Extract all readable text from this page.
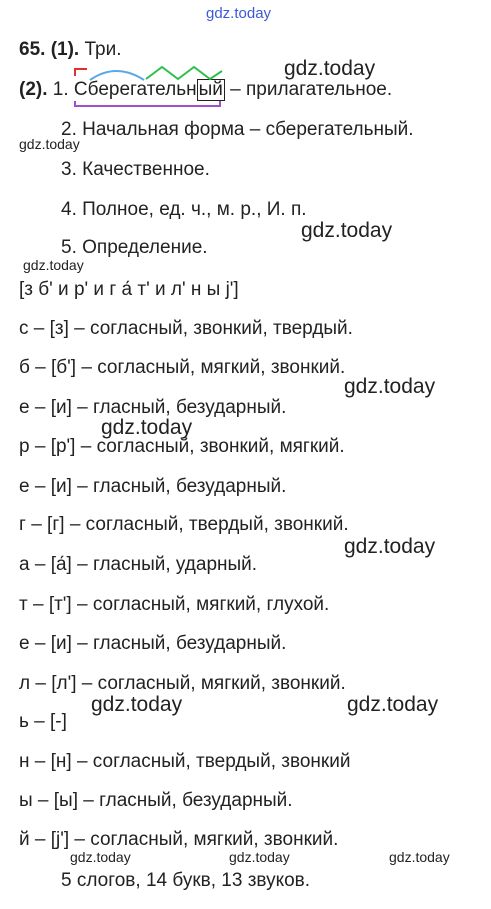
gdz.today
65. (1). Три.
(2). 1. Сберегательн ый – прилагательное.
2. Начальная форма – сберегательный.
3. Качественное.
4. Полное, ед. ч., м. р., И. п.
5. Определение.
[з б' и р' и г а́ т' и л' н ы j']
с – [з] – согласный, звонкий, твердый.
б – [б'] – согласный, мягкий, звонкий.
е – [и] – гласный, безударный.
р – [р'] – согласный, звонкий, мягкий.
е – [и] – гласный, безударный.
г – [г] – согласный, твердый, звонкий.
а – [а́] – гласный, ударный.
т – [т'] – согласный, мягкий, глухой.
е – [и] – гласный, безударный.
л – [л'] – согласный, мягкий, звонкий.
ь – [-]
н – [н] – согласный, твердый, звонкий
ы – [ы] – гласный, безударный.
й – [j'] – согласный, мягкий, звонкий.
5 слогов, 14 букв, 13 звуков.
gdz.today
gdz.today
gdz.today
gdz.today
gdz.today
gdz.today
gdz.today
gdz.today	gdz.today
gdz.today	gdz.today	gdz.today
